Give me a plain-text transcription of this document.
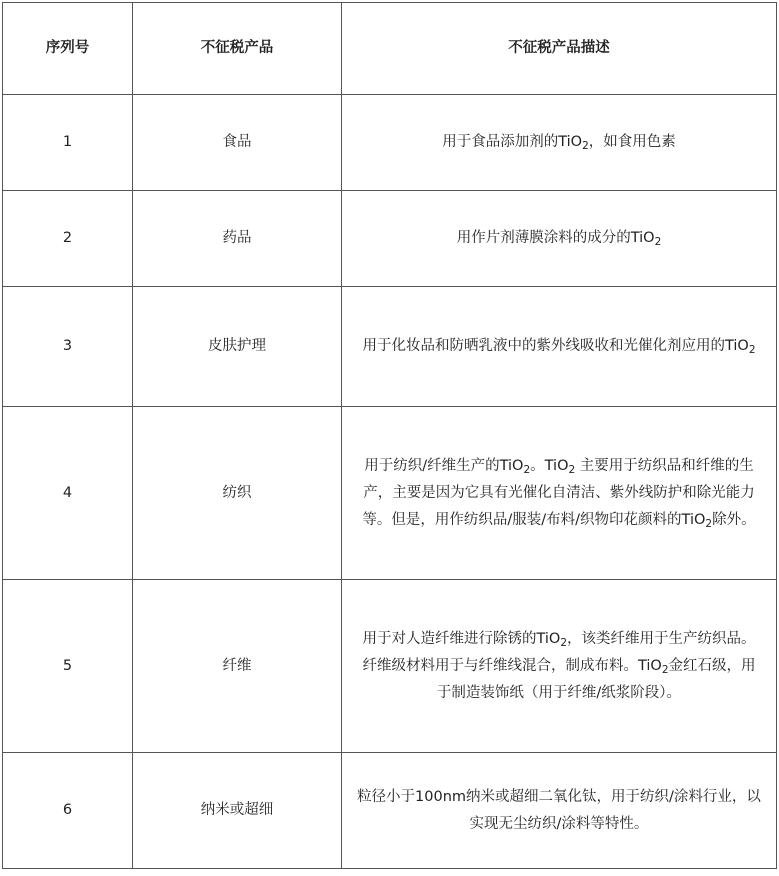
序列号	不征税产品	不征税产品描述
1	食品	用于食品添加剂的TiO$_2$，如食用色素
2	药品	用作片剂薄膜涂料的成分的TiO$_2$
3	皮肤护理	用于化妆品和防晒乳液中的紫外线吸收和光催化剂应用的TiO$_2$
4	纺织	用于纺织/纤维生产的TiO$_2$。TiO$_2$ 主要用于纺织品和纤维的生产，主要是因为它具有光催化自清洁、紫外线防护和除光能力等。但是，用作纺织品/服装/布料/织物印花颜料的TiO$_2$除外。
5	纤维	用于对人造纤维进行除锈的TiO$_2$，该类纤维用于生产纺织品。纤维级材料用于与纤维线混合，制成布料。TiO$_2$金红石级，用于制造装饰纸（用于纤维/纸浆阶段）。
6	纳米或超细	粒径小于100nm纳米或超细二氧化钛，用于纺织/涂料行业，以实现无尘纺织/涂料等特性。
